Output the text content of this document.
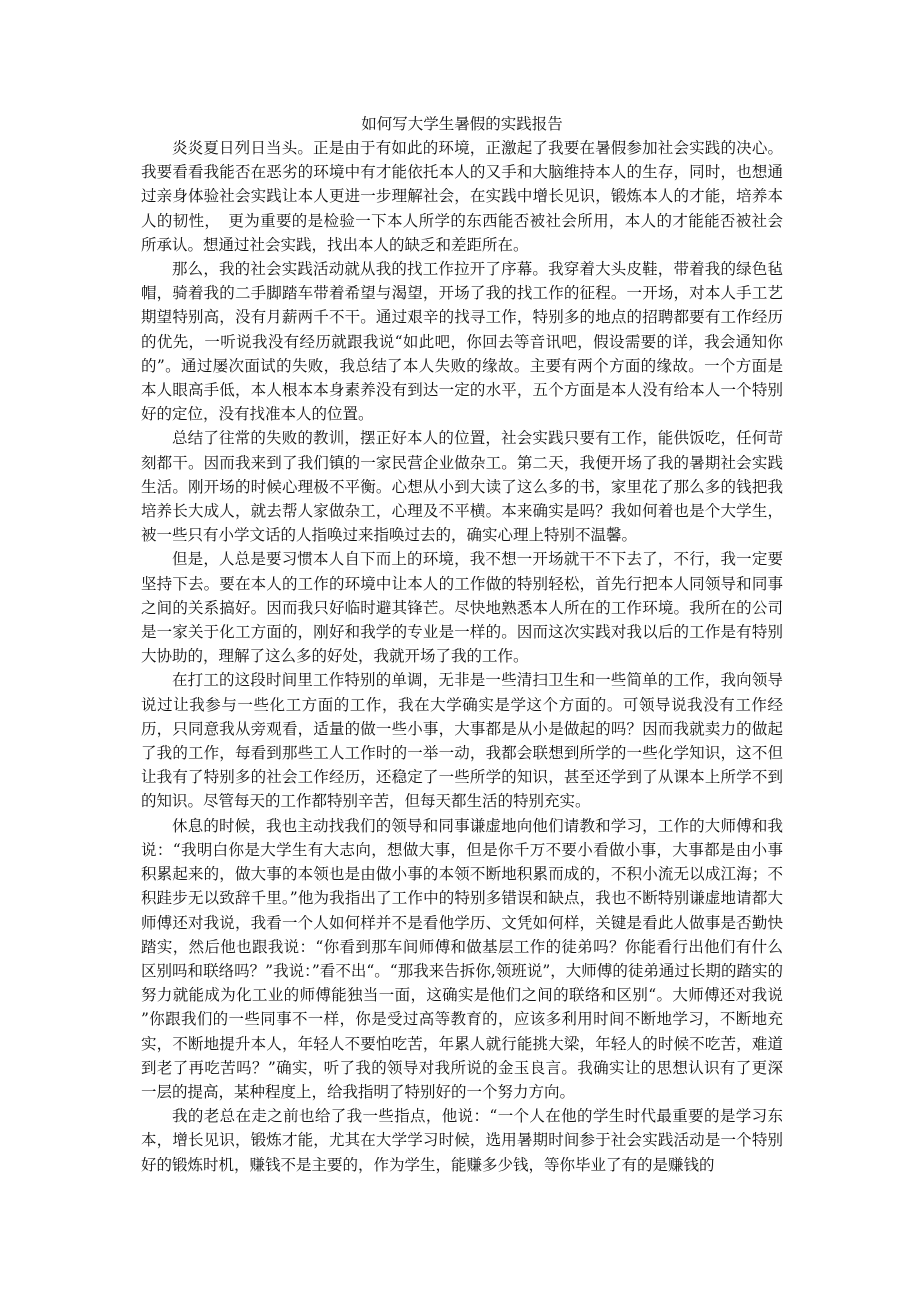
如何写大学生暑假的实践报告

炎炎夏日列日当头。正是由于有如此的环境，正激起了我要在暑假参加社会实践的决心。我要看看我能否在恶劣的环境中有才能依托本人的又手和大脑维持本人的生存，同时，也想通过亲身体验社会实践让本人更进一步理解社会，在实践中增长见识，锻炼本人的才能，培养本人的韧性，　更为重要的是检验一下本人所学的东西能否被社会所用，本人的才能能否被社会所承认。想通过社会实践，找出本人的缺乏和差距所在。

那么，我的社会实践活动就从我的找工作拉开了序幕。我穿着大头皮鞋，带着我的绿色毡帽，骑着我的二手脚踏车带着希望与渴望，开场了我的找工作的征程。一开场，对本人手工艺期望特别高，没有月薪两千不干。通过艰辛的找寻工作，特别多的地点的招聘都要有工作经历的优先，一听说我没有经历就跟我说“如此吧，你回去等音讯吧，假设需要的详，我会通知你的”。通过屡次面试的失败，我总结了本人失败的缘故。主要有两个方面的缘故。一个方面是本人眼高手低，本人根本本身素养没有到达一定的水平，五个方面是本人没有给本人一个特别好的定位，没有找准本人的位置。

总结了往常的失败的教训，摆正好本人的位置，社会实践只要有工作，能供饭吃，任何苛刻都干。因而我来到了我们镇的一家民营企业做杂工。第二天，我便开场了我的暑期社会实践生活。刚开场的时候心理极不平衡。心想从小到大读了这么多的书，家里花了那么多的钱把我培养长大成人，就去帮人家做杂工，心理及不平横。本来确实是吗？我如何着也是个大学生，被一些只有小学文话的人指唤过来指唤过去的，确实心理上特别不温馨。

但是，人总是要习惯本人自下而上的环境，我不想一开场就干不下去了，不行，我一定要坚持下去。要在本人的工作的环境中让本人的工作做的特别轻松，首先行把本人同领导和同事之间的关系搞好。因而我只好临时避其锋芒。尽快地熟悉本人所在的工作环境。我所在的公司是一家关于化工方面的，刚好和我学的专业是一样的。因而这次实践对我以后的工作是有特别大协助的，理解了这么多的好处，我就开场了我的工作。

在打工的这段时间里工作特别的单调，无非是一些清扫卫生和一些简单的工作，我向领导说过让我参与一些化工方面的工作，我在大学确实是学这个方面的。可领导说我没有工作经历，只同意我从旁观看，适量的做一些小事，大事都是从小是做起的吗？因而我就卖力的做起了我的工作，每看到那些工人工作时的一举一动，我都会联想到所学的一些化学知识，这不但让我有了特别多的社会工作经历，还稳定了一些所学的知识，甚至还学到了从课本上所学不到的知识。尽管每天的工作都特别辛苦，但每天都生活的特别充实。

休息的时候，我也主动找我们的领导和同事谦虚地向他们请教和学习，工作的大师傅和我说：“我明白你是大学生有大志向，想做大事，但是你千万不要小看做小事，大事都是由小事积累起来的，做大事的本领也是由做小事的本领不断地积累而成的，不积小流无以成江海；不积跬步无以致辞千里。”他为我指出了工作中的特别多错误和缺点，我也不断特别谦虚地请都大师傅还对我说，我看一个人如何样并不是看他学历、文凭如何样，关键是看此人做事是否勤快踏实，然后他也跟我说：“你看到那车间师傅和做基层工作的徒弟吗？你能看行出他们有什么区别吗和联络吗？”我说：”看不出“。“那我来告拆你,领班说”，大师傅的徒弟通过长期的踏实的努力就能成为化工业的师傅能独当一面，这确实是他们之间的联络和区别“。大师傅还对我说 ”你跟我们的一些同事不一样，你是受过高等教育的，应该多利用时间不断地学习，不断地充实，不断地提升本人，年轻人不要怕吃苦，年累人就行能挑大梁，年轻人的时候不吃苦，难道到老了再吃苦吗？”确实，听了我的领导对我所说的金玉良言。我确实让的思想认识有了更深一层的提高，某种程度上，给我指明了特别好的一个努力方向。

我的老总在走之前也给了我一些指点，他说：“一个人在他的学生时代最重要的是学习东本，增长见识，锻炼才能，尤其在大学学习时候，选用暑期时间参于社会实践活动是一个特别好的锻炼时机，赚钱不是主要的，作为学生，能赚多少钱，等你毕业了有的是赚钱的
